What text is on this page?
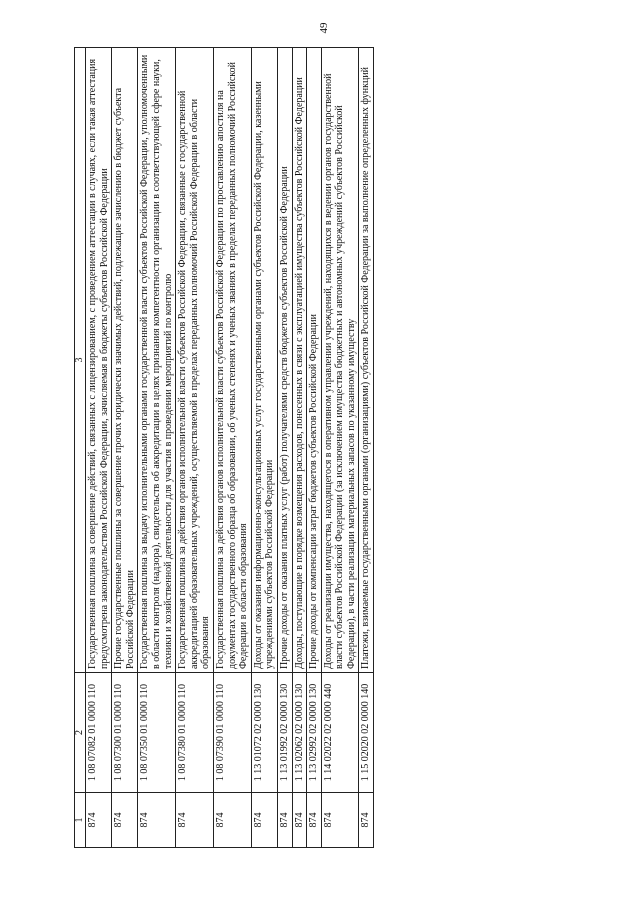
49
1	2	3
874	1 08 07082 01 0000 110	Государственная пошлина за совершение действий, связанных с лицензированием, с проведением аттестации в случаях, если такая аттестация предусмотрена законодательством Российской Федерации, зачисляемая в бюджеты субъектов Российской Федерации
874	1 08 07300 01 0000 110	Прочие государственные пошлины за совершение прочих юридически значимых действий, подлежащие зачислению в бюджет субъекта Российской Федерации
874	1 08 07350 01 0000 110	Государственная пошлина за выдачу исполнительными органами государственной власти субъектов Российской Федерации, уполномоченными в области контроля (надзора), свидетельств об аккредитации в целях признания компетентности организации в соответствующей сфере науки, техники и хозяйственной деятельности для участия в проведении мероприятий по контролю
874	1 08 07380 01 0000 110	Государственная пошлина за действия органов исполнительной власти субъектов Российской Федерации, связанные с государственной аккредитацией образовательных учреждений, осуществляемой в пределах переданных полномочий Российской Федерации в области образования
874	1 08 07390 01 0000 110	Государственная пошлина за действия органов исполнительной власти субъектов Российской Федерации по проставлению апостиля на документах государственного образца об образовании, об ученых степенях и ученых званиях в пределах переданных полномочий Российской Федерации в области образования
874	1 13 01072 02 0000 130	Доходы от оказания информационно-консультационных услуг государственными органами субъектов Российской Федерации, казенными учреждениями субъектов Российской Федерации
874	1 13 01992 02 0000 130	Прочие доходы от оказания платных услуг (работ) получателями средств бюджетов субъектов Российской Федерации
874	1 13 02062 02 0000 130	Доходы, поступающие в порядке возмещения расходов, понесенных в связи с эксплуатацией имущества субъектов Российской Федерации
874	1 13 02992 02 0000 130	Прочие доходы от компенсации затрат бюджетов субъектов Российской Федерации
874	1 14 02022 02 0000 440	Доходы от реализации имущества, находящегося в оперативном управлении учреждений, находящихся в ведении органов государственной власти субъектов Российской Федерации (за исключением имущества бюджетных и автономных учреждений субъектов Российской Федерации), в части реализации материальных запасов по указанному имуществу
874	1 15 02020 02 0000 140	Платежи, взимаемые государственными органами (организациями) субъектов Российской Федерации за выполнение определенных функций
